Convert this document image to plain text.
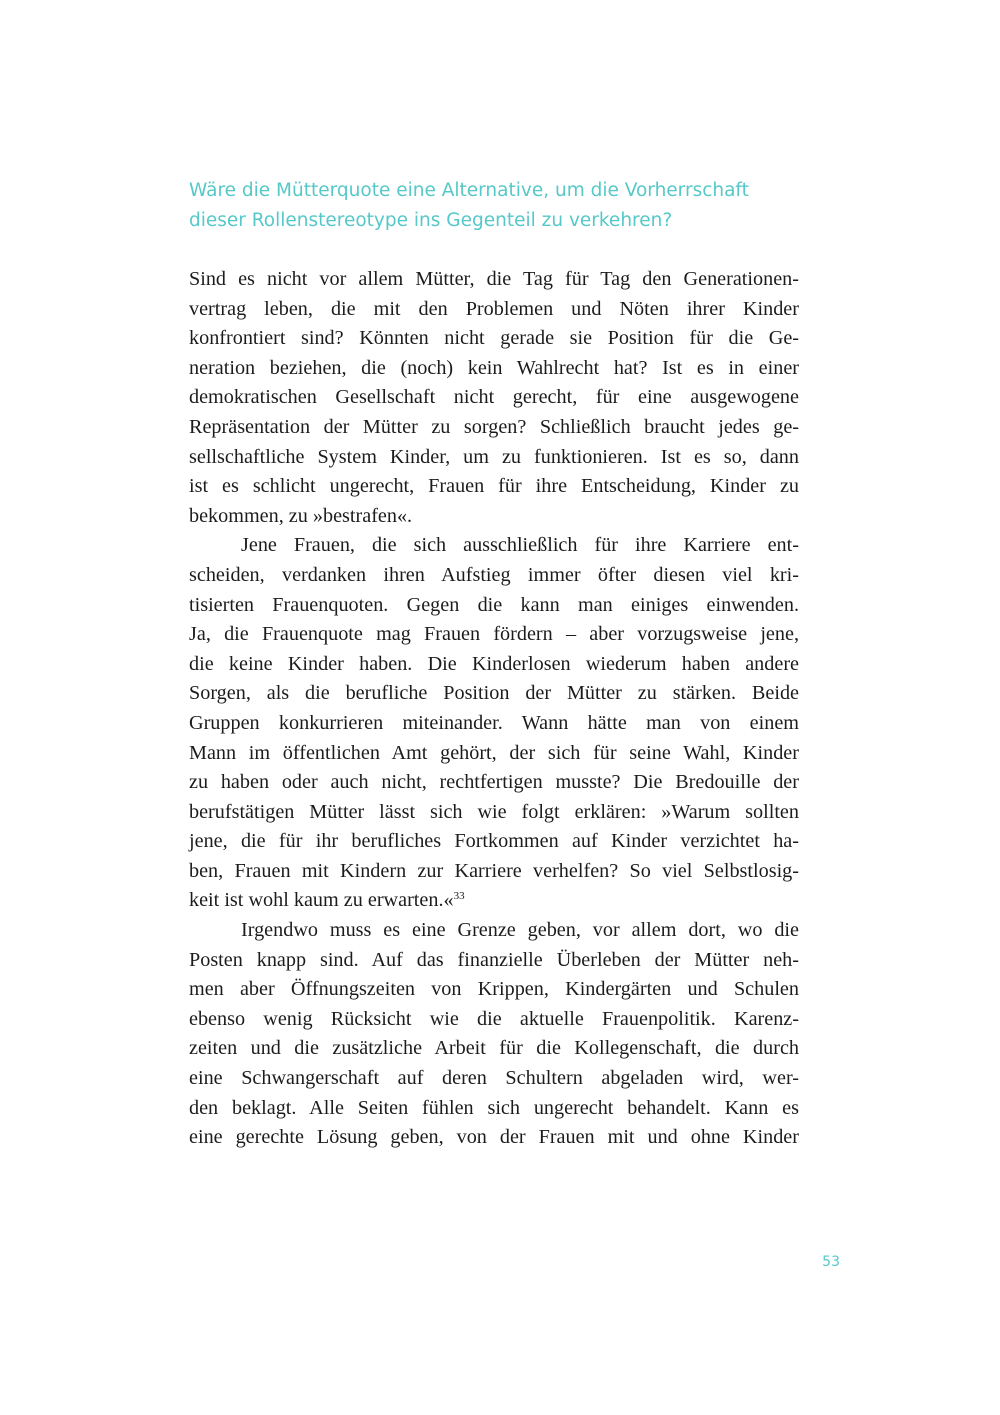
Wäre die Mütterquote eine Alternative, um die Vorherrschaft
dieser Rollenstereotype ins Gegenteil zu verkehren?
Sind es nicht vor allem Mütter, die Tag für Tag den Generationen-
vertrag leben, die mit den Problemen und Nöten ihrer Kinder
konfrontiert sind? Könnten nicht gerade sie Position für die Ge-
neration beziehen, die (noch) kein Wahlrecht hat? Ist es in einer
demokratischen Gesellschaft nicht gerecht, für eine ausgewogene
Repräsentation der Mütter zu sorgen? Schließlich braucht jedes ge-
sellschaftliche System Kinder, um zu funktionieren. Ist es so, dann
ist es schlicht ungerecht, Frauen für ihre Entscheidung, Kinder zu
bekommen, zu »bestrafen«.
Jene Frauen, die sich ausschließlich für ihre Karriere ent-
scheiden, verdanken ihren Aufstieg immer öfter diesen viel kri-
tisierten Frauenquoten. Gegen die kann man einiges einwenden.
Ja, die Frauenquote mag Frauen fördern – aber vorzugsweise jene,
die keine Kinder haben. Die Kinderlosen wiederum haben andere
Sorgen, als die berufliche Position der Mütter zu stärken. Beide
Gruppen konkurrieren miteinander. Wann hätte man von einem
Mann im öffentlichen Amt gehört, der sich für seine Wahl, Kinder
zu haben oder auch nicht, rechtfertigen musste? Die Bredouille der
berufstätigen Mütter lässt sich wie folgt erklären: »Warum sollten
jene, die für ihr berufliches Fortkommen auf Kinder verzichtet ha-
ben, Frauen mit Kindern zur Karriere verhelfen? So viel Selbstlosig-
keit ist wohl kaum zu erwarten.«$^{33}$
Irgendwo muss es eine Grenze geben, vor allem dort, wo die
Posten knapp sind. Auf das finanzielle Überleben der Mütter neh-
men aber Öffnungszeiten von Krippen, Kindergärten und Schulen
ebenso wenig Rücksicht wie die aktuelle Frauenpolitik. Karenz-
zeiten und die zusätzliche Arbeit für die Kollegenschaft, die durch
eine Schwangerschaft auf deren Schultern abgeladen wird, wer-
den beklagt. Alle Seiten fühlen sich ungerecht behandelt. Kann es
eine gerechte Lösung geben, von der Frauen mit und ohne Kinder
53
